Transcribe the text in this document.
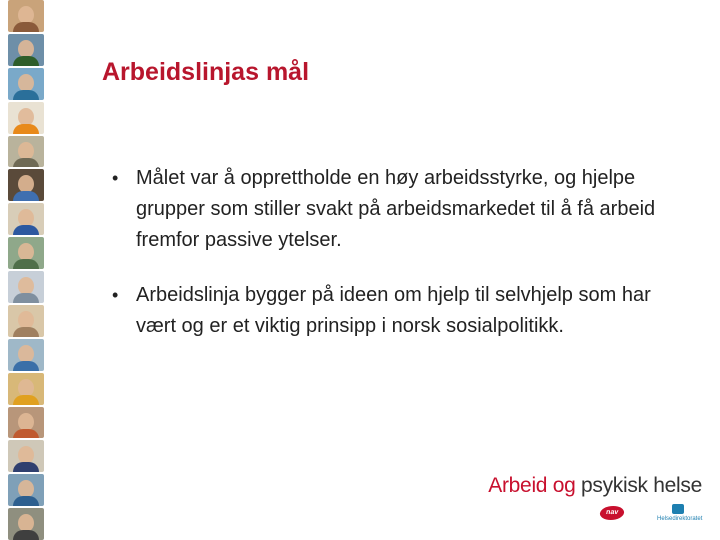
Arbeidslinjas mål
• Målet var å opprettholde en høy arbeidsstyrke, og hjelpe grupper som stiller svakt på arbeidsmarkedet til å få arbeid fremfor passive ytelser.
• Arbeidslinja bygger på ideen om hjelp til selvhjelp som har vært og er et viktig prinsipp i norsk sosialpolitikk.
Arbeid og psykisk helse
nav
Helsedirektoratet
